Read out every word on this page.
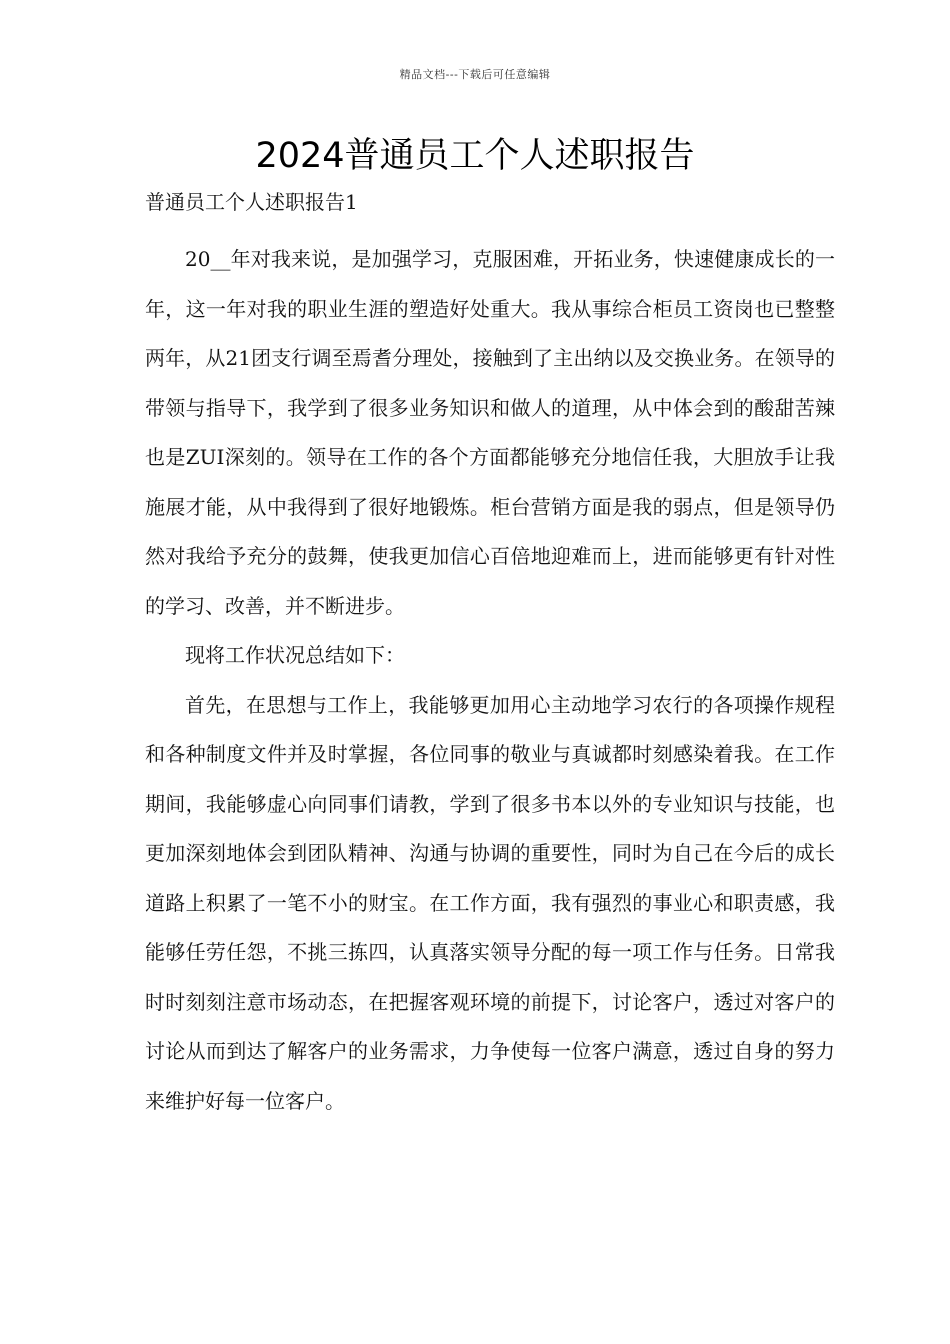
精品文档---下载后可任意编辑
2024普通员工个人述职报告
普通员工个人述职报告1

20__年对我来说，是加强学习，克服困难，开拓业务，快速健康成长的一年，这一年对我的职业生涯的塑造好处重大。我从事综合柜员工资岗也已整整两年，从21团支行调至焉耆分理处，接触到了主出纳以及交换业务。在领导的带领与指导下，我学到了很多业务知识和做人的道理，从中体会到的酸甜苦辣也是ZUI深刻的。领导在工作的各个方面都能够充分地信任我，大胆放手让我施展才能，从中我得到了很好地锻炼。柜台营销方面是我的弱点，但是领导仍然对我给予充分的鼓舞，使我更加信心百倍地迎难而上，进而能够更有针对性的学习、改善，并不断进步。

现将工作状况总结如下：

首先，在思想与工作上，我能够更加用心主动地学习农行的各项操作规程和各种制度文件并及时掌握，各位同事的敬业与真诚都时刻感染着我。在工作期间，我能够虚心向同事们请教，学到了很多书本以外的专业知识与技能，也更加深刻地体会到团队精神、沟通与协调的重要性，同时为自己在今后的成长道路上积累了一笔不小的财宝。在工作方面，我有强烈的事业心和职责感，我能够任劳任怨，不挑三拣四，认真落实领导分配的每一项工作与任务。日常我时时刻刻注意市场动态，在把握客观环境的前提下，讨论客户，透过对客户的讨论从而到达了解客户的业务需求，力争使每一位客户满意，透过自身的努力来维护好每一位客户。
